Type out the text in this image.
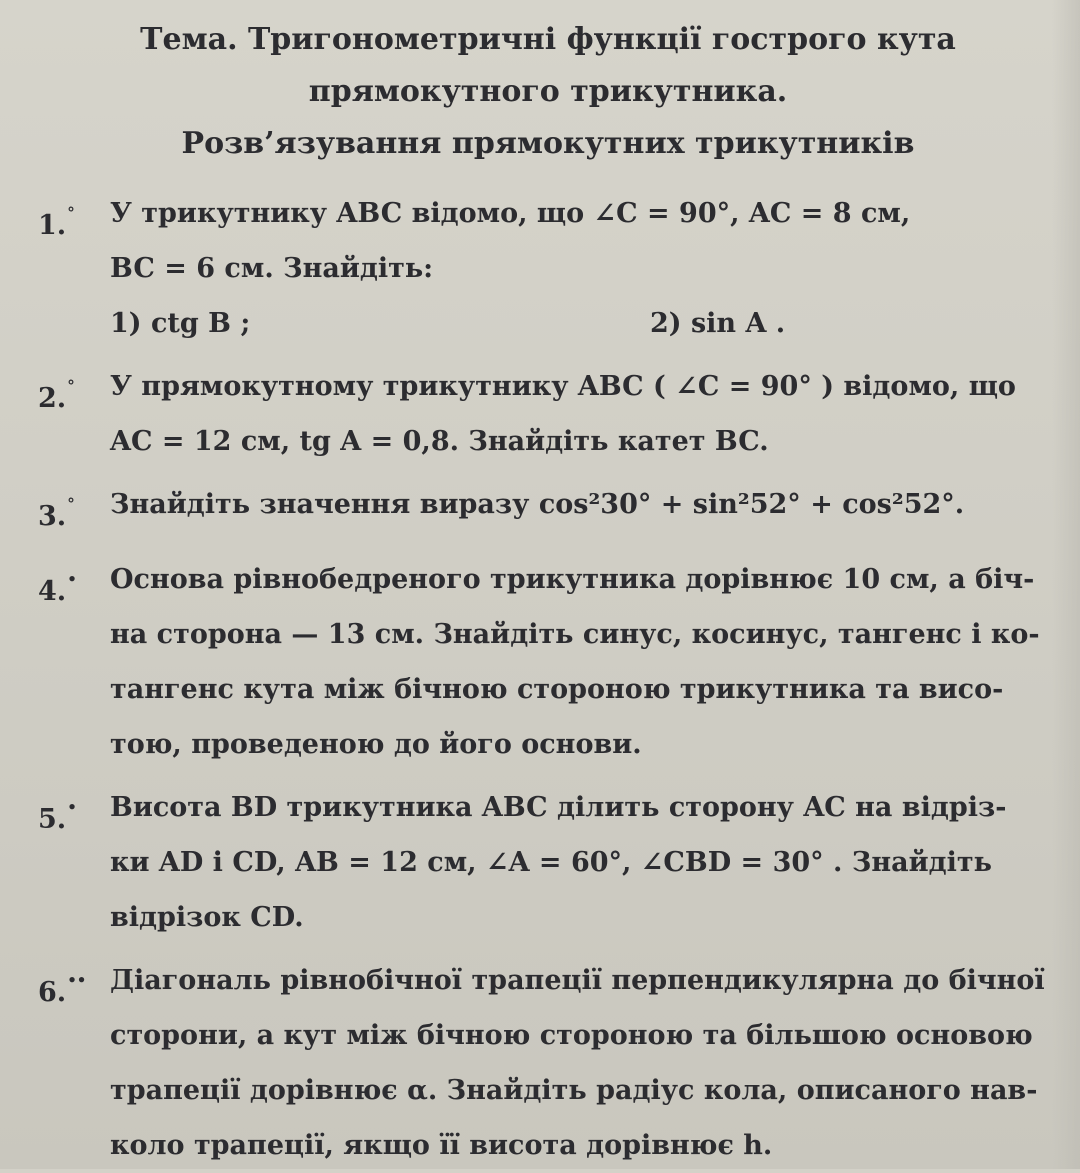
Тема. Тригонометричні функції гострого кута
прямокутного трикутника.
Розв’язування прямокутних трикутників
1.°	У трикутнику ABC відомо, що ∠C = 90°, AC = 8 см,

BC = 6 см. Знайдіть:

1) ctg B ;	2) sin A .
2.°	У прямокутному трикутнику ABC ( ∠C = 90° ) відомо, що

AC = 12 см, tg A = 0,8. Знайдіть катет BC.

3.°	Знайдіть значення виразу cos²30° + sin²52° + cos²52°.

4.•	Основа рівнобедреного трикутника дорівнює 10 см, а біч-

на сторона — 13 см. Знайдіть синус, косинус, тангенс і ко-

тангенс кута між бічною стороною трикутника та висо-

тою, проведеною до його основи.

5.•	Висота BD трикутника ABC ділить сторону AC на відріз-

ки AD і CD, AB = 12 см, ∠A = 60°, ∠CBD = 30° . Знайдіть

відрізок CD.

6.•• Діагональ рівнобічної трапеції перпендикулярна до бічної

сторони, а кут між бічною стороною та більшою основою

трапеції дорівнює α. Знайдіть радіус кола, описаного нав-

коло трапеції, якщо її висота дорівнює h.
